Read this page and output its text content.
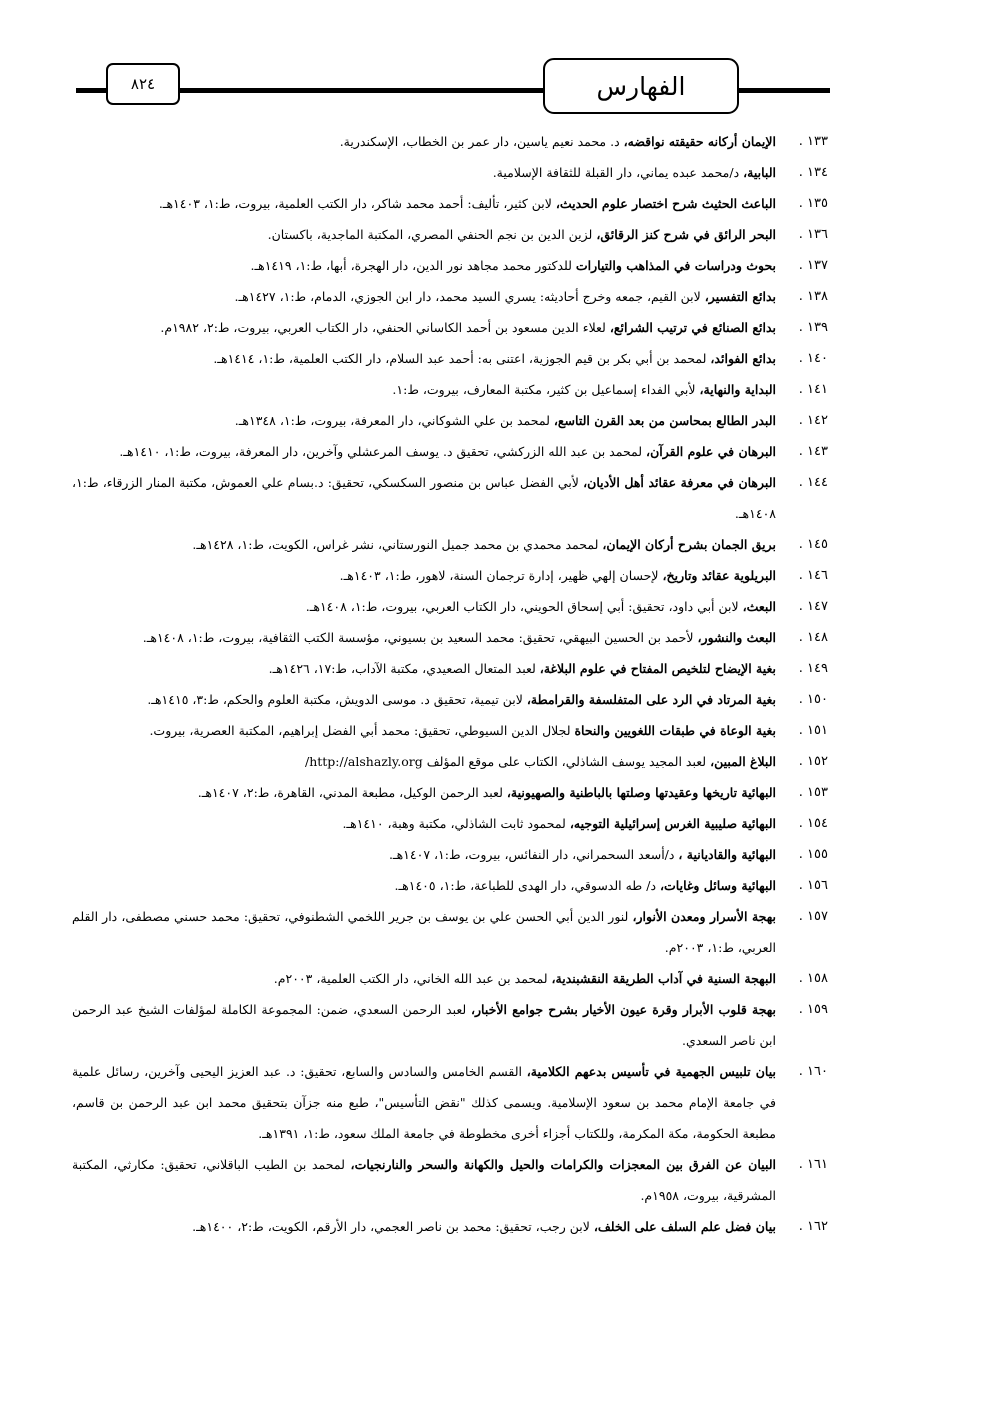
٨٢٤	الفهارس
١٣٣ .
الإيمان أركانه حقيقته نواقضه، د. محمد نعيم ياسين، دار عمر بن الخطاب، الإسكندرية.
١٣٤ .
البابية، د/محمد عبده يماني، دار القبلة للثقافة الإسلامية.
١٣٥ .
الباعث الحثيث شرح اختصار علوم الحديث، لابن كثير، تأليف: أحمد محمد شاكر، دار الكتب العلمية، بيروت، ط:١، ١٤٠٣هـ.
١٣٦ .
البحر الرائق في شرح كنز الرقائق، لزين الدين بن نجم الحنفي المصري، المكتبة الماجدية، باكستان.
١٣٧ .
بحوث ودراسات في المذاهب والتيارات للدكتور محمد مجاهد نور الدين، دار الهجرة، أبها، ط:١، ١٤١٩هـ.
١٣٨ .
بدائع التفسير، لابن القيم، جمعه وخرج أحاديثه: يسري السيد محمد، دار ابن الجوزي، الدمام، ط:١، ١٤٢٧هـ.
١٣٩ .
بدائع الصنائع في ترتيب الشرائع، لعلاء الدين مسعود بن أحمد الكاساني الحنفي، دار الكتاب العربي، بيروت، ط:٢، ١٩٨٢م.
١٤٠ .
بدائع الفوائد، لمحمد بن أبي بكر بن قيم الجوزية، اعتنى به: أحمد عبد السلام، دار الكتب العلمية، ط:١، ١٤١٤هـ.
١٤١ .
البداية والنهاية، لأبي الفداء إسماعيل بن كثير، مكتبة المعارف، بيروت، ط:١.
١٤٢ .
البدر الطالع بمحاسن من بعد القرن التاسع، لمحمد بن علي الشوكاني، دار المعرفة، بيروت، ط:١، ١٣٤٨هـ.
١٤٣ .
البرهان في علوم القرآن، لمحمد بن عبد الله الزركشي، تحقيق د. يوسف المرعشلي وآخرين، دار المعرفة، بيروت، ط:١، ١٤١٠هـ.
١٤٤ .
البرهان في معرفة عقائد أهل الأديان، لأبي الفضل عباس بن منصور السكسكي، تحقيق: د.بسام علي العموش، مكتبة المنار الزرقاء، ط:١، ١٤٠٨هـ.
١٤٥ .
بريق الجمان بشرح أركان الإيمان، لمحمد محمدي بن محمد جميل النورستاني، نشر غراس، الكويت، ط:١، ١٤٢٨هـ.
١٤٦ .
البريلوية عقائد وتاريخ، لإحسان إلهي ظهير، إدارة ترجمان السنة، لاهور، ط:١، ١٤٠٣هـ.
١٤٧ .
البعث، لابن أبي داود، تحقيق: أبي إسحاق الحويني، دار الكتاب العربي، بيروت، ط:١، ١٤٠٨هـ.
١٤٨ .
البعث والنشور، لأحمد بن الحسين البيهقي، تحقيق: محمد السعيد بن بسيوني، مؤسسة الكتب الثقافية، بيروت، ط:١، ١٤٠٨هـ.
١٤٩ .
بغية الإيضاح لتلخيص المفتاح في علوم البلاغة، لعبد المتعال الصعيدي، مكتبة الآداب، ط:١٧، ١٤٢٦هـ.
١٥٠ .
بغية المرتاد في الرد على المتفلسفة والقرامطة، لابن تيمية، تحقيق د. موسى الدويش، مكتبة العلوم والحكم، ط:٣، ١٤١٥هـ.
١٥١ .
بغية الوعاة في طبقات اللغويين والنحاة لجلال الدين السيوطي، تحقيق: محمد أبي الفضل إبراهيم، المكتبة العصرية، بيروت.
١٥٢ .
البلاغ المبين، لعبد المجيد يوسف الشاذلي، الكتاب على موقع المؤلف http://alshazly.org/
١٥٣ .
البهائية تاريخها وعقيدتها وصلتها بالباطنية والصهيونية، لعبد الرحمن الوكيل، مطبعة المدني، القاهرة، ط:٢، ١٤٠٧هـ.
١٥٤ .
البهائية صليبية الغرس إسرائيلية التوجيه، لمحمود ثابت الشاذلي، مكتبة وهبة، ١٤١٠هـ.
١٥٥ .
البهائية والقاديانية ، د/أسعد السحمراني، دار النفائس، بيروت، ط:١، ١٤٠٧هـ.
١٥٦ .
البهائية وسائل وغايات، د/ طه الدسوقي، دار الهدى للطباعة، ط:١، ١٤٠٥هـ.
١٥٧ .
بهجة الأسرار ومعدن الأنوار، لنور الدين أبي الحسن علي بن يوسف بن جرير اللخمي الشطنوفي، تحقيق: محمد حسني مصطفى، دار القلم العربي، ط:١، ٢٠٠٣م.
١٥٨ .
البهجة السنية في آداب الطريقة النقشبندية، لمحمد بن عبد الله الخاني، دار الكتب العلمية، ٢٠٠٣م.
١٥٩ .
بهجة قلوب الأبرار وقرة عيون الأخيار بشرح جوامع الأخبار، لعبد الرحمن السعدي، ضمن: المجموعة الكاملة لمؤلفات الشيخ عبد الرحمن ابن ناصر السعدي.
١٦٠ .
بيان تلبيس الجهمية في تأسيس بدعهم الكلامية، القسم الخامس والسادس والسابع، تحقيق: د. عبد العزيز اليحيى وآخرين، رسائل علمية في جامعة الإمام محمد بن سعود الإسلامية. ويسمى كذلك "نقض التأسيس"، طبع منه جزآن بتحقيق محمد ابن عبد الرحمن بن قاسم، مطبعة الحكومة، مكة المكرمة، وللكتاب أجزاء أخرى مخطوطة في جامعة الملك سعود، ط:١، ١٣٩١هـ.
١٦١ .
البيان عن الفرق بين المعجزات والكرامات والحيل والكهانة والسحر والنارنجيات، لمحمد بن الطيب الباقلاني، تحقيق: مكارثي، المكتبة المشرقية، بيروت، ١٩٥٨م.
١٦٢ .
بيان فضل علم السلف على الخلف، لابن رجب، تحقيق: محمد بن ناصر العجمي، دار الأرقم، الكويت، ط:٢، ١٤٠٠هـ.
